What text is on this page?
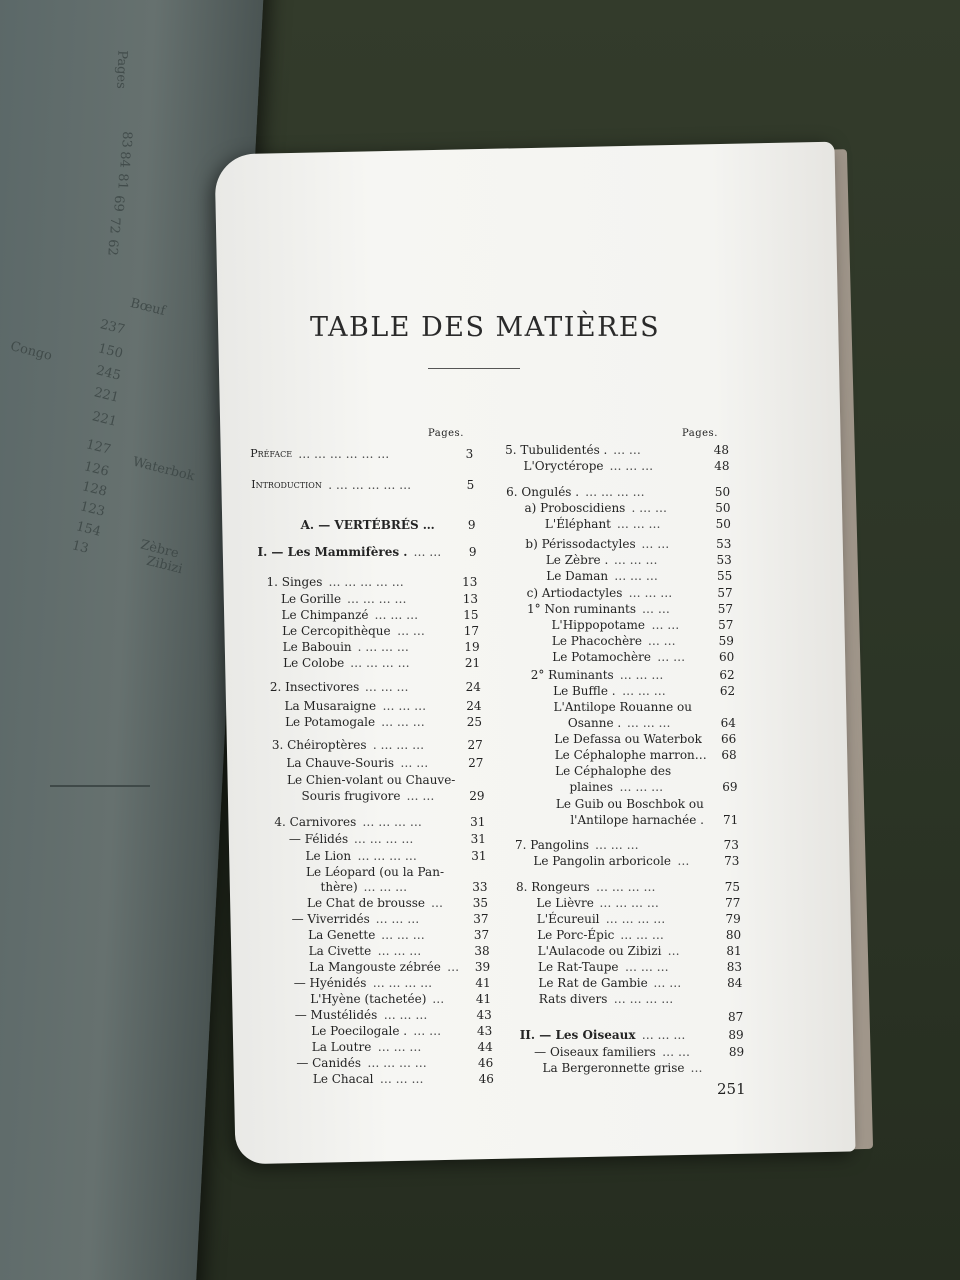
Pages
83
84
81
69
72
62
237
150
245
221
221
127
126
128
123
154
13
Congo
Bœuf
Zèbre
Zibizi
Waterbok
TABLE DES MATIÈRES
Pages.
Préface … … … … … …	3
Introduction . … … … … …	5
A. — VERTÉBRÉS …	9
I. — Les Mammifères . … …	9
1. Singes … … … … …	13
Le Gorille … … … …	13
Le Chimpanzé … … …	15
Le Cercopithèque … …	17
Le Babouin . … … …	19
Le Colobe … … … …	21
2. Insectivores … … …	24
La Musaraigne … … …	24
Le Potamogale … … …	25
3. Chéiroptères . … … …	27
La Chauve-Souris … …	27
Le Chien-volant ou Chauve-
Souris frugivore … …	29
4. Carnivores … … … …	31
— Félidés … … … …	31
Le Lion … … … …	31
Le Léopard (ou la Pan-
thère) … … …	33
Le Chat de brousse …	35
— Viverridés … … …	37
La Genette … … …	37
La Civette … … …	38
La Mangouste zébrée …	39
— Hyénidés … … … …	41
L'Hyène (tachetée) …	41
— Mustélidés … … …	43
Le Poecilogale . … …	43
La Loutre … … …	44
— Canidés … … … …	46
Le Chacal … … …	46
Pages.
5. Tubulidentés . … …	48
L'Oryctérope … … …	48
6. Ongulés . … … … …	50
a) Proboscidiens . … …	50
L'Éléphant … … …	50
b) Périssodactyles … …	53
Le Zèbre . … … …	53
Le Daman … … …	55
c) Artiodactyles … … …	57
1° Non ruminants … …	57
L'Hippopotame … …	57
Le Phacochère … …	59
Le Potamochère … …	60
2° Ruminants … … …	62
Le Buffle . … … …	62
L'Antilope Rouanne ou
Osanne . … … …	64
Le Defassa ou Waterbok	66
Le Céphalophe marron…	68
Le Céphalophe des
plaines … … …	69
Le Guib ou Boschbok ou
l'Antilope harnachée .	71
7. Pangolins … … …	73
Le Pangolin arboricole …	73
8. Rongeurs … … … …	75
Le Lièvre … … … …	77
L'Écureuil … … … …	79
Le Porc-Épic … … …	80
L'Aulacode ou Zibizi …	81
Le Rat-Taupe … … …	83
Le Rat de Gambie … …	84
Rats divers … … … …
87
II. — Les Oiseaux … … …	89
— Oiseaux familiers … …	89
La Bergeronnette grise …
251
